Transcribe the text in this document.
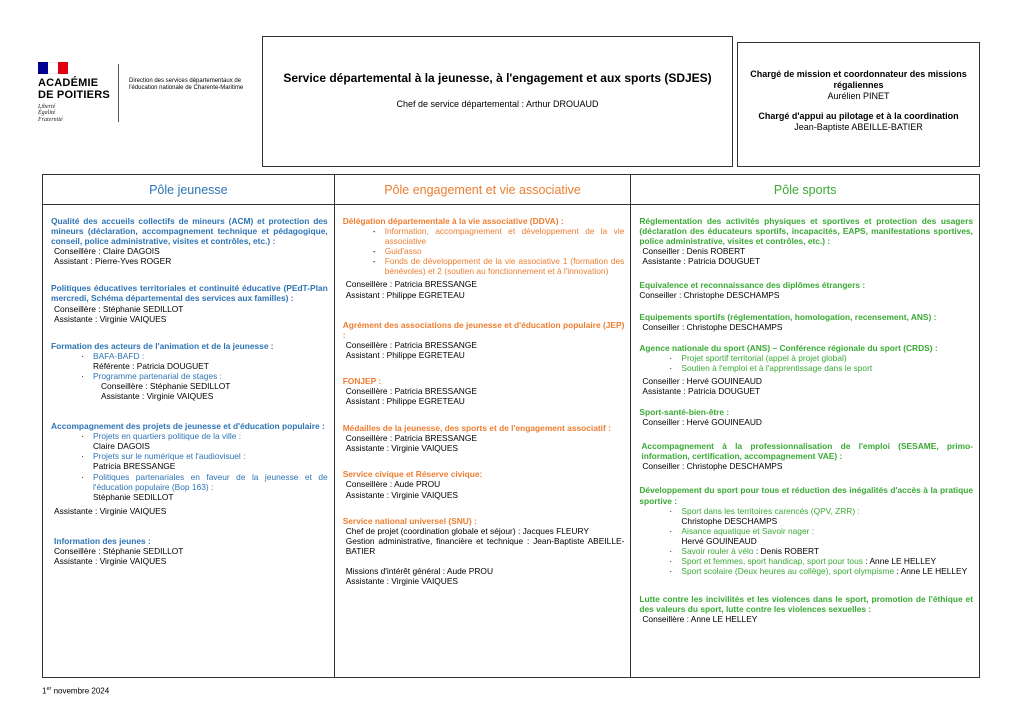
ACADÉMIE
DE POITIERS
Liberté
Égalité
Fraternité
Direction des services départementaux de l'éducation nationale de Charente-Maritime
Service départemental à la jeunesse, à l'engagement et aux sports (SDJES)
Chef de service départemental : Arthur DROUAUD
Chargé de mission et coordonnateur des missions régaliennes
Aurélien PINET
Chargé d'appui au pilotage et à la coordination
Jean-Baptiste ABEILLE-BATIER
Pôle jeunesse
Qualité des accueils collectifs de mineurs (ACM) et protection des mineurs (déclaration, accompagnement technique et pédagogique, conseil, police administrative, visites et contrôles, etc.) :
Conseillère : Claire DAGOIS
Assistant : Pierre-Yves ROGER
Politiques éducatives territoriales et continuité éducative (PEdT-Plan mercredi, Schéma départemental des services aux familles) :
Conseillère : Stéphanie SEDILLOT
Assistante : Virginie VAIQUES
Formation des acteurs de l'animation et de la jeunesse :
· BAFA-BAFD :
Référente : Patricia DOUGUET
· Programme partenarial de stages :
Conseillère : Stéphanie SEDILLOT
Assistante : Virginie VAIQUES
Accompagnement des projets de jeunesse et d'éducation populaire :
· Projets en quartiers politique de la ville :
Claire DAGOIS
· Projets sur le numérique et l'audiovisuel :
Patricia BRESSANGE
· Politiques partenariales en faveur de la jeunesse et de l'éducation populaire (Bop 163) :
Stéphanie SEDILLOT
Assistante : Virginie VAIQUES
Information des jeunes :
Conseillère : Stéphanie SEDILLOT
Assistante : Virginie VAIQUES
Pôle engagement et vie associative
Délégation départementale à la vie associative (DDVA) :
- Information, accompagnement et développement de la vie associative
- Guid'asso
- Fonds de développement de la vie associative 1 (formation des bénévoles) et 2 (soutien au fonctionnement et à l'innovation)
Conseillère : Patricia BRESSANGE
Assistant : Philippe EGRETEAU
Agrément des associations de jeunesse et d'éducation populaire (JEP) :
Conseillère : Patricia BRESSANGE
Assistant : Philippe EGRETEAU
FONJEP :
Conseillère : Patricia BRESSANGE
Assistant : Philippe EGRETEAU
Médailles de la jeunesse, des sports et de l'engagement associatif :
Conseillère : Patricia BRESSANGE
Assistante : Virginie VAIQUES
Service civique et Réserve civique:
Conseillère : Aude PROU
Assistante : Virginie VAIQUES
Service national universel (SNU) :
Chef de projet (coordination globale et séjour) : Jacques FLEURY
Gestion administrative, financière et technique : Jean-Baptiste ABEILLE-BATIER
Missions d'intérêt général : Aude PROU
Assistante : Virginie VAIQUES
Pôle sports
Réglementation des activités physiques et sportives et protection des usagers (déclaration des éducateurs sportifs, incapacités, EAPS, manifestations sportives, police administrative, visites et contrôles, etc.) :
Conseiller : Denis ROBERT
Assistante : Patricia DOUGUET
Equivalence et reconnaissance des diplômes étrangers :
Conseiller : Christophe DESCHAMPS
Equipements sportifs (réglementation, homologation, recensement, ANS) :
Conseiller : Christophe DESCHAMPS
Agence nationale du sport (ANS) – Conférence régionale du sport (CRDS) :
· Projet sportif territorial (appel à projet global)
· Soutien à l'emploi et à l'apprentissage dans le sport
Conseiller : Hervé GOUINEAUD
Assistante : Patricia DOUGUET
Sport-santé-bien-être :
Conseiller : Hervé GOUINEAUD
Accompagnement à la professionnalisation de l'emploi (SESAME, primo-information, certification, accompagnement VAE) :
Conseiller : Christophe DESCHAMPS
Développement du sport pour tous et réduction des inégalités d'accès à la pratique sportive :
· Sport dans les territoires carencés (QPV, ZRR) :
Christophe DESCHAMPS
· Aisance aquatique et Savoir nager :
Hervé GOUINEAUD
· Savoir rouler à vélo : Denis ROBERT
· Sport et femmes, sport handicap, sport pour tous : Anne LE HELLEY
· Sport scolaire (Deux heures au collège), sport olympisme : Anne LE HELLEY
Lutte contre les incivilités et les violences dans le sport, promotion de l'éthique et des valeurs du sport, lutte contre les violences sexuelles :
Conseillère : Anne LE HELLEY
1er novembre 2024
